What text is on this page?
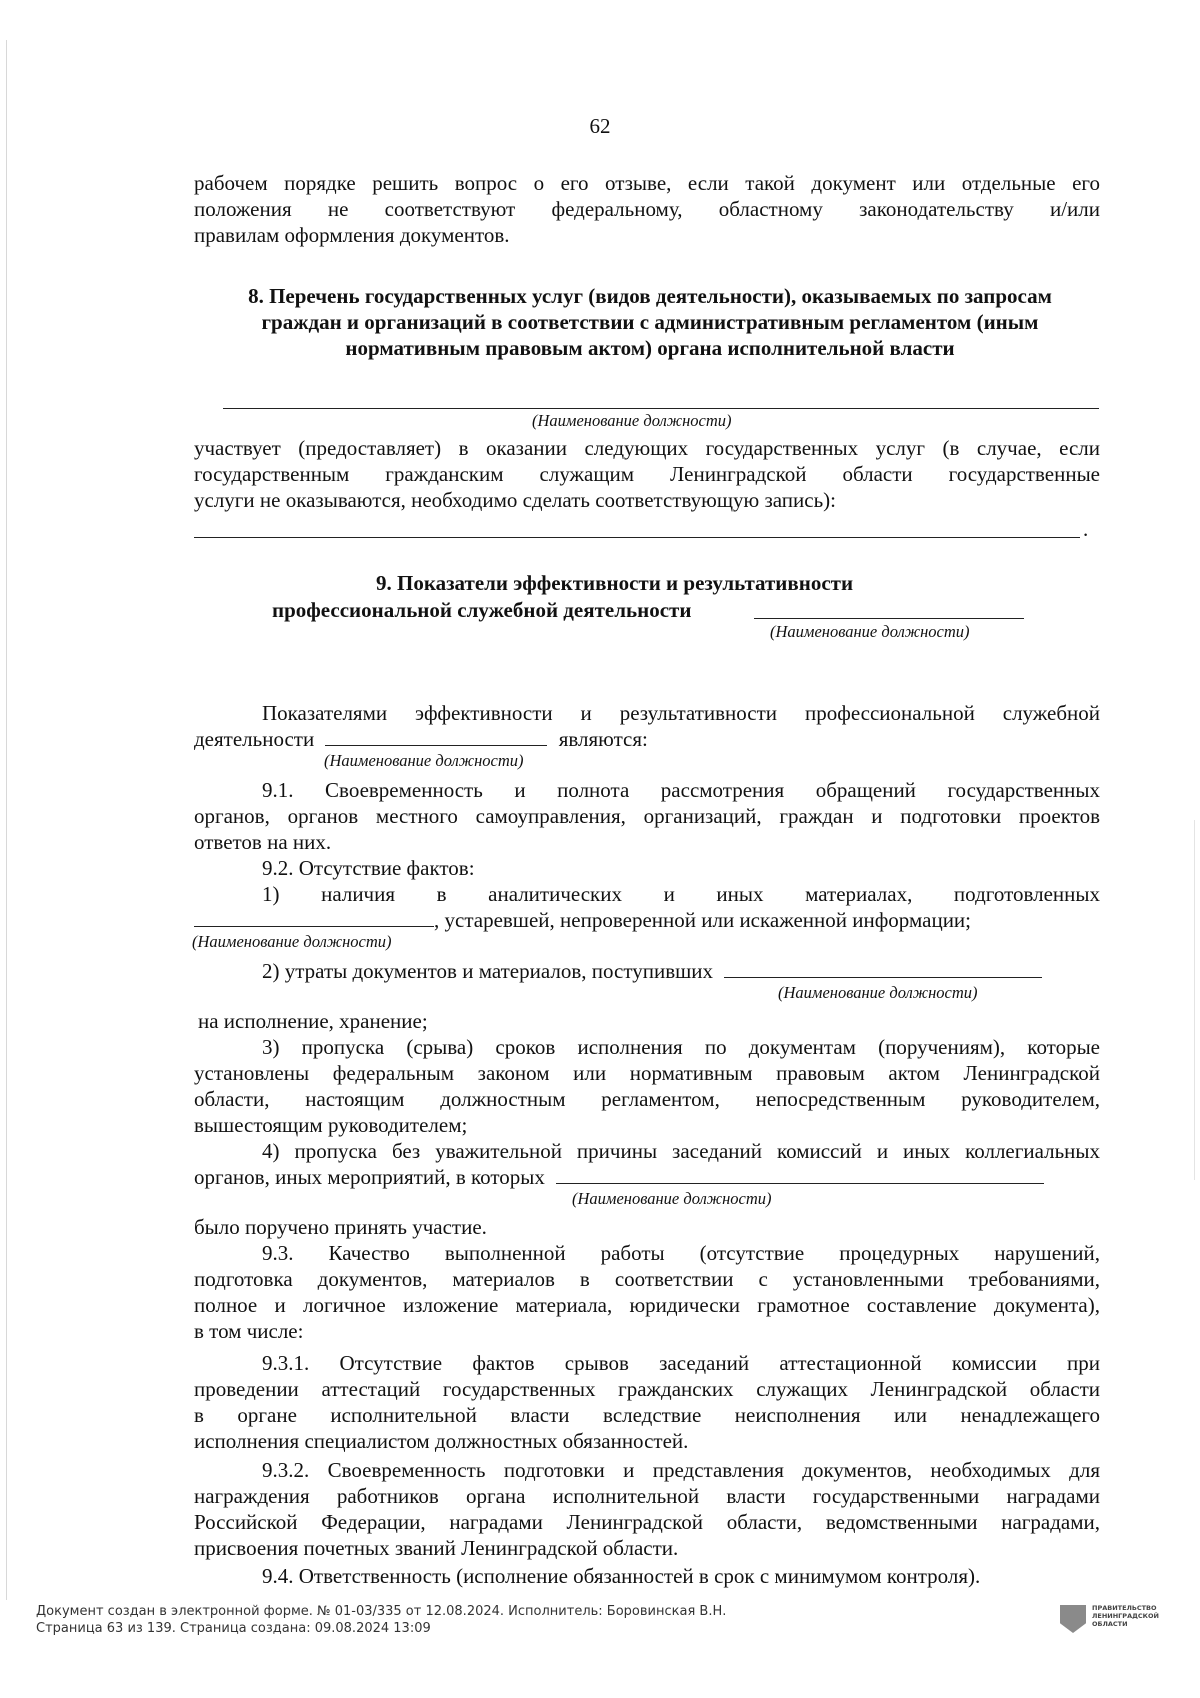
62
рабочем порядке решить вопрос о его отзыве, если такой документ или отдельные его
положения не соответствуют федеральному, областному законодательству и/или
правилам оформления документов.
8. Перечень государственных услуг (видов деятельности), оказываемых по запросам
граждан и организаций в соответствии с административным регламентом (иным
нормативным правовым актом) органа исполнительной власти
(Наименование должности)
участвует (предоставляет) в оказании следующих государственных услуг (в случае, если
государственным гражданским служащим Ленинградской области государственные
услуги не оказываются, необходимо сделать соответствующую запись):
.
9. Показатели эффективности и результативности
профессиональной служебной деятельности
(Наименование должности)
Показателями эффективности и результативности профессиональной служебной
деятельности	являются:
(Наименование должности)
9.1. Своевременность и полнота рассмотрения обращений государственных
органов, органов местного самоуправления, организаций, граждан и подготовки проектов
ответов на них.
9.2. Отсутствие фактов:
1) наличия в аналитических и иных материалах, подготовленных
, устаревшей, непроверенной или искаженной информации;
(Наименование должности)
2) утраты документов и материалов, поступивших
(Наименование должности)
на исполнение, хранение;
3) пропуска (срыва) сроков исполнения по документам (поручениям), которые
установлены федеральным законом или нормативным правовым актом Ленинградской
области, настоящим должностным регламентом, непосредственным руководителем,
вышестоящим руководителем;
4) пропуска без уважительной причины заседаний комиссий и иных коллегиальных
органов, иных мероприятий, в которых
(Наименование должности)
было поручено принять участие.
9.3. Качество выполненной работы (отсутствие процедурных нарушений,
подготовка документов, материалов в соответствии с установленными требованиями,
полное и логичное изложение материала, юридически грамотное составление документа),
в том числе:
9.3.1. Отсутствие фактов срывов заседаний аттестационной комиссии при
проведении аттестаций государственных гражданских служащих Ленинградской области
в органе исполнительной власти вследствие неисполнения или ненадлежащего
исполнения специалистом должностных обязанностей.
9.3.2. Своевременность подготовки и представления документов, необходимых для
награждения работников органа исполнительной власти государственными наградами
Российской Федерации, наградами Ленинградской области, ведомственными наградами,
присвоения почетных званий Ленинградской области.
9.4. Ответственность (исполнение обязанностей в срок с минимумом контроля).
Документ создан в электронной форме. № 01-03/335 от 12.08.2024. Исполнитель: Боровинская В.Н.
Страница 63 из 139. Страница создана: 09.08.2024 13:09
ПРАВИТЕЛЬСТВО
ЛЕНИНГРАДСКОЙ
ОБЛАСТИ
